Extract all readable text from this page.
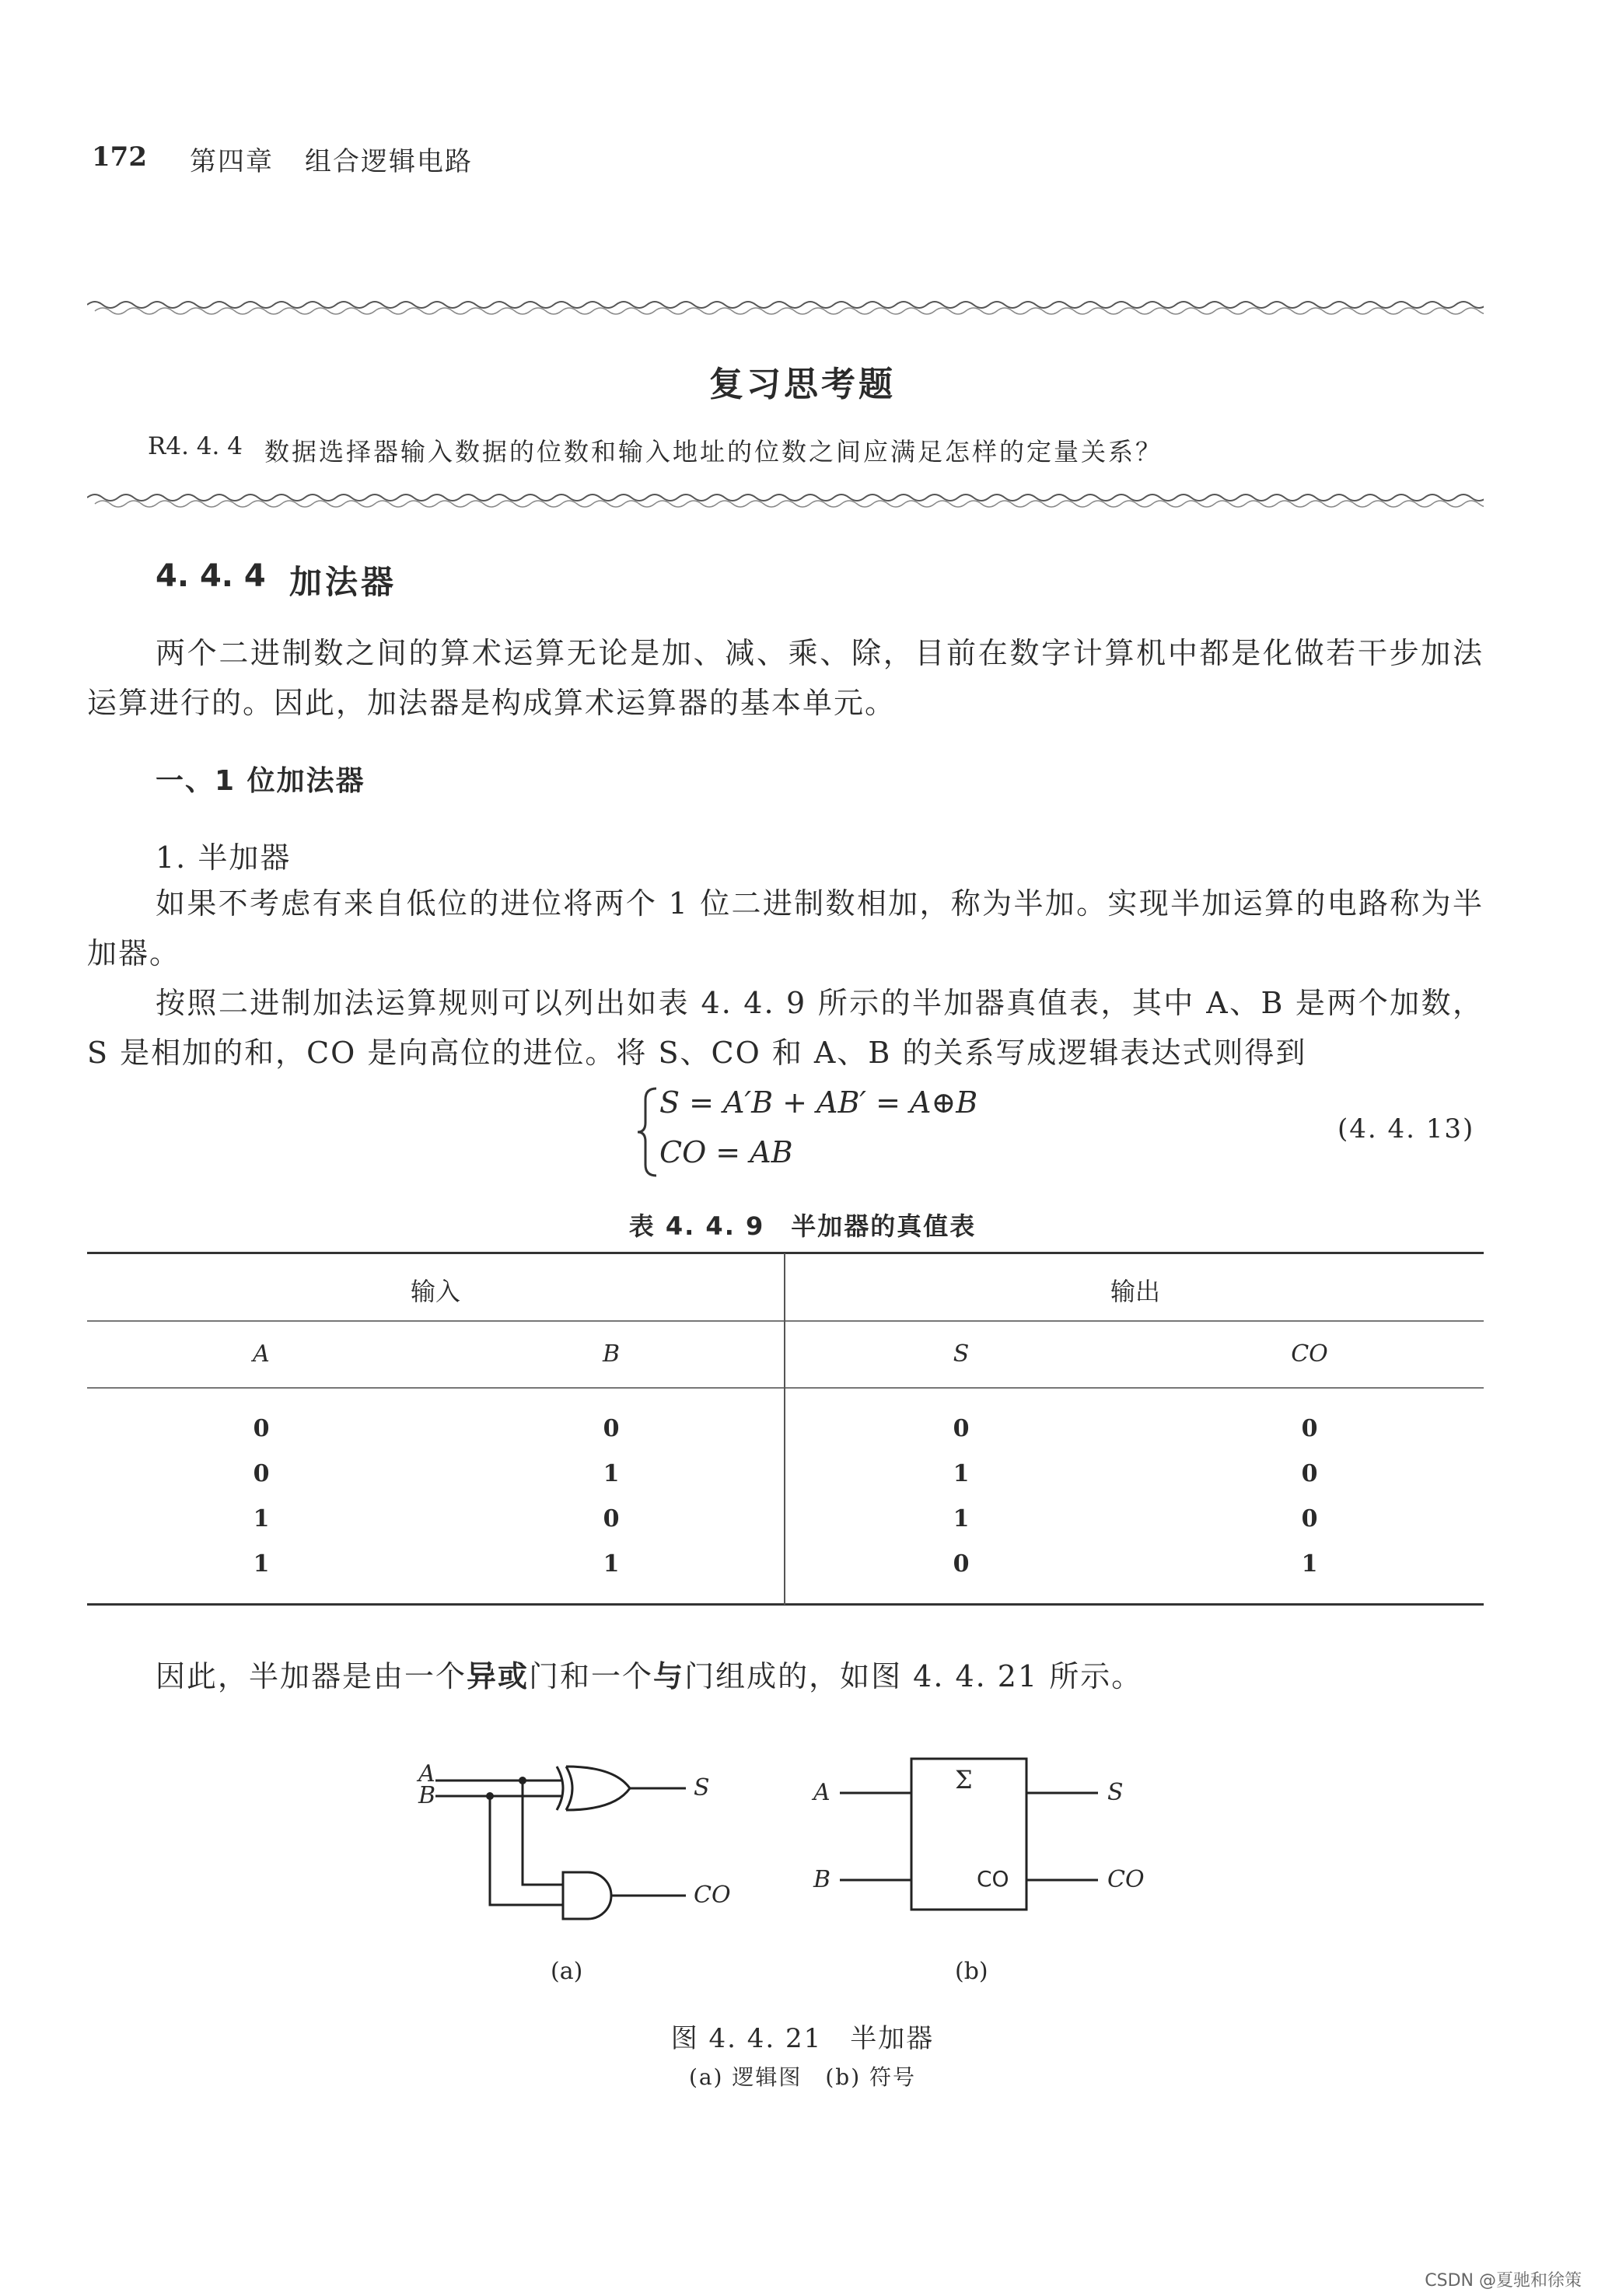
172 第四章 组合逻辑电路
复习思考题
R4. 4. 4 数据选择器输入数据的位数和输入地址的位数之间应满足怎样的定量关系？
4. 4. 4 加法器
两个二进制数之间的算术运算无论是加、减、乘、除，目前在数字计算机中都是化做若干步加法运算进行的。因此，加法器是构成算术运算器的基本单元。
一、1 位加法器
1. 半加器
如果不考虑有来自低位的进位将两个 1 位二进制数相加，称为半加。实现半加运算的电路称为半加器。
按照二进制加法运算规则可以列出如表 4. 4. 9 所示的半加器真值表，其中 A、B 是两个加数，S 是相加的和，CO 是向高位的进位。将 S、CO 和 A、B 的关系写成逻辑表达式则得到
S = A′B + AB′ = A⊕B
CO = AB
(4. 4. 13)
表 4. 4. 9　半加器的真值表
输入	输出
A	B	S	CO
0	0	0	0
0	1	1	0
1	0	1	0
1	1	0	1
因此，半加器是由一个异或门和一个与门组成的，如图 4. 4. 21 所示。
A
B	S
CO
(a)
Σ
CO
A
B
S
CO
(b)
图 4. 4. 21　半加器
(a) 逻辑图　(b) 符号
CSDN @夏驰和徐策
